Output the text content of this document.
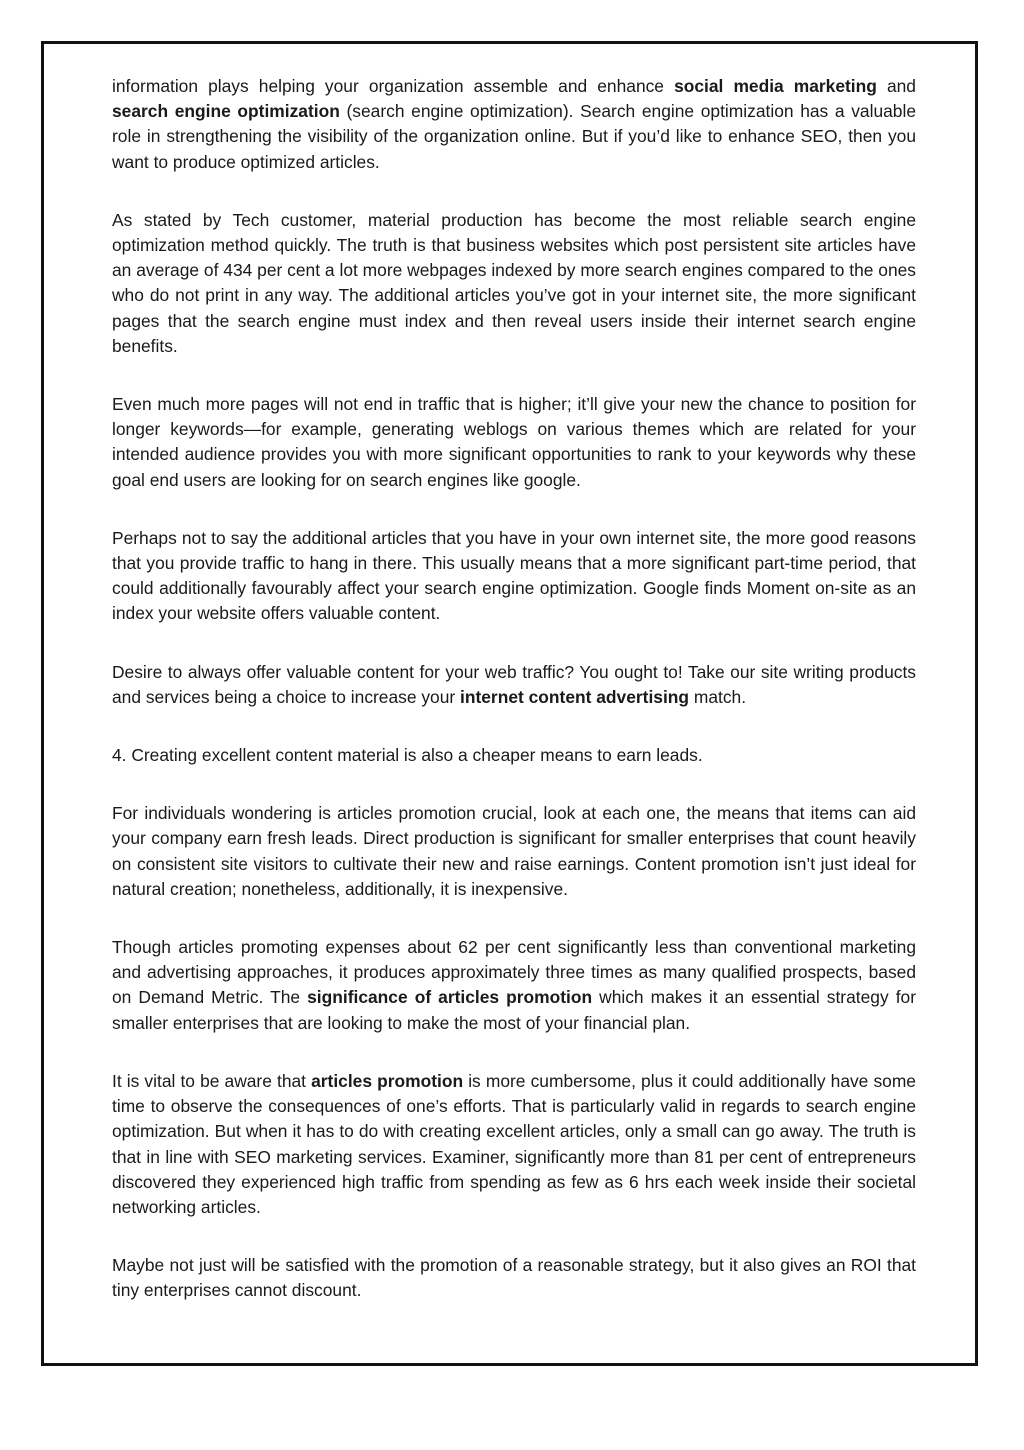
information plays helping your organization assemble and enhance social media marketing and search engine optimization (search engine optimization). Search engine optimization has a valuable role in strengthening the visibility of the organization online. But if you’d like to enhance SEO, then you want to produce optimized articles.

As stated by Tech customer, material production has become the most reliable search engine optimization method quickly. The truth is that business websites which post persistent site articles have an average of 434 per cent a lot more webpages indexed by more search engines compared to the ones who do not print in any way. The additional articles you’ve got in your internet site, the more significant pages that the search engine must index and then reveal users inside their internet search engine benefits.

Even much more pages will not end in traffic that is higher; it’ll give your new the chance to position for longer keywords—for example, generating weblogs on various themes which are related for your intended audience provides you with more significant opportunities to rank to your keywords why these goal end users are looking for on search engines like google.

Perhaps not to say the additional articles that you have in your own internet site, the more good reasons that you provide traffic to hang in there. This usually means that a more significant part-time period, that could additionally favourably affect your search engine optimization. Google finds Moment on-site as an index your website offers valuable content.

Desire to always offer valuable content for your web traffic? You ought to! Take our site writing products and services being a choice to increase your internet content advertising match.

4. Creating excellent content material is also a cheaper means to earn leads.

For individuals wondering is articles promotion crucial, look at each one, the means that items can aid your company earn fresh leads. Direct production is significant for smaller enterprises that count heavily on consistent site visitors to cultivate their new and raise earnings. Content promotion isn’t just ideal for natural creation; nonetheless, additionally, it is inexpensive.

Though articles promoting expenses about 62 per cent significantly less than conventional marketing and advertising approaches, it produces approximately three times as many qualified prospects, based on Demand Metric. The significance of articles promotion which makes it an essential strategy for smaller enterprises that are looking to make the most of your financial plan.

It is vital to be aware that articles promotion is more cumbersome, plus it could additionally have some time to observe the consequences of one’s efforts. That is particularly valid in regards to search engine optimization. But when it has to do with creating excellent articles, only a small can go away. The truth is that in line with SEO marketing services. Examiner, significantly more than 81 per cent of entrepreneurs discovered they experienced high traffic from spending as few as 6 hrs each week inside their societal networking articles.

Maybe not just will be satisfied with the promotion of a reasonable strategy, but it also gives an ROI that tiny enterprises cannot discount.
